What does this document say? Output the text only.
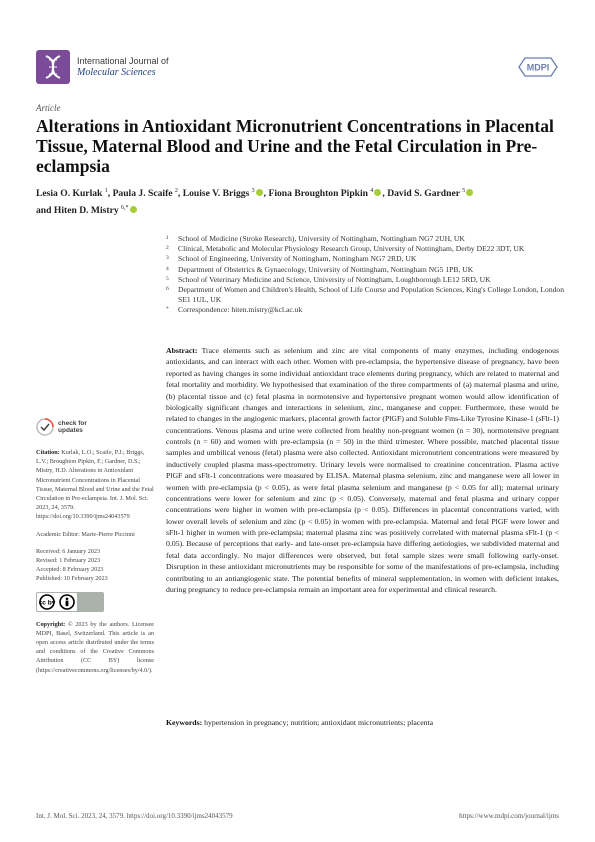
International Journal of
Molecular Sciences	MDPI
Article
Alterations in Antioxidant Micronutrient Concentrations in Placental Tissue, Maternal Blood and Urine and the Fetal Circulation in Pre-eclampsia
Lesia O. Kurlak $^1$, Paula J. Scaife $^2$, Louise V. Briggs $^3$ , Fiona Broughton Pipkin $^4$ , David S. Gardner $^5$
and Hiten D. Mistry $^{6,*}$
1 School of Medicine (Stroke Research), University of Nottingham, Nottingham NG7 2UH, UK
2 Clinical, Metabolic and Molecular Physiology Research Group, University of Nottingham, Derby DE22 3DT, UK
3 School of Engineering, University of Nottingham, Nottingham NG7 2RD, UK
4 Department of Obstetrics & Gynaecology, University of Nottingham, Nottingham NG5 1PB, UK
5 School of Veterinary Medicine and Science, University of Nottingham, Loughborough LE12 5RD, UK
6 Department of Women and Children's Health, School of Life Course and Population Sciences, King's College London, London SE1 1UL, UK
* Correspondence: hiten.mistry@kcl.ac.uk
Abstract: Trace elements such as selenium and zinc are vital components of many enzymes, including endogenous antioxidants, and can interact with each other. Women with pre-eclampsia, the hypertensive disease of pregnancy, have been reported as having changes in some individual antioxidant trace elements during pregnancy, which are related to maternal and fetal mortality and morbidity. We hypothesised that examination of the three compartments of (a) maternal plasma and urine, (b) placental tissue and (c) fetal plasma in normotensive and hypertensive pregnant women would allow identification of biologically significant changes and interactions in selenium, zinc, manganese and copper. Furthermore, these would be related to changes in the angiogenic markers, placental growth factor (PlGF) and Soluble Fms-Like Tyrosine Kinase-1 (sFlt-1) concentrations. Venous plasma and urine were collected from healthy non-pregnant women (n = 30), normotensive pregnant controls (n = 60) and women with pre-eclampsia (n = 50) in the third trimester. Where possible, matched placental tissue samples and umbilical venous (fetal) plasma were also collected. Antioxidant micronutrient concentrations were measured by inductively coupled plasma mass-spectrometry. Urinary levels were normalised to creatinine concentration. Plasma active PlGF and sFlt-1 concentrations were measured by ELISA. Maternal plasma selenium, zinc and manganese were all lower in women with pre-eclampsia (p < 0.05), as were fetal plasma selenium and manganese (p < 0.05 for all); maternal urinary concentrations were lower for selenium and zinc (p < 0.05). Conversely, maternal and fetal plasma and urinary copper concentrations were higher in women with pre-eclampsia (p < 0.05). Differences in placental concentrations varied, with lower overall levels of selenium and zinc (p < 0.05) in women with pre-eclampsia. Maternal and fetal PlGF were lower and sFlt-1 higher in women with pre-eclampsia; maternal plasma zinc was positively correlated with maternal plasma sFlt-1 (p < 0.05). Because of perceptions that early- and late-onset pre-eclampsia have differing aetiologies, we subdivided maternal and fetal data accordingly. No major differences were observed, but fetal sample sizes were small following early-onset. Disruption in these antioxidant micronutrients may be responsible for some of the manifestations of pre-eclampsia, including contributing to an antiangiogenic state. The potential benefits of mineral supplementation, in women with deficient intakes, during pregnancy to reduce pre-eclampsia remain an important area for experimental and clinical research.
Keywords: hypertension in pregnancy; nutrition; antioxidant micronutrients; placenta
check for
updates
Citation: Kurlak, L.O.; Scaife, P.J.; Briggs, L.V.; Broughton Pipkin, F.; Gardner, D.S.; Mistry, H.D. Alterations in Antioxidant Micronutrient Concentrations in Placental Tissue, Maternal Blood and Urine and the Fetal Circulation in Pre-eclampsia. Int. J. Mol. Sci. 2023, 24, 3579. https://doi.org/10.3390/ijms24043579
Academic Editor: Marie-Pierre Piccinni
Received: 6 January 2023
Revised: 1 February 2023
Accepted: 8 February 2023
Published: 10 February 2023
cc by
Copyright: © 2023 by the authors. Licensee MDPI, Basel, Switzerland. This article is an open access article distributed under the terms and conditions of the Creative Commons Attribution (CC BY) license (https://creativecommons.org/licenses/by/4.0/).
Int. J. Mol. Sci. 2023, 24, 3579. https://doi.org/10.3390/ijms24043579	https://www.mdpi.com/journal/ijms
